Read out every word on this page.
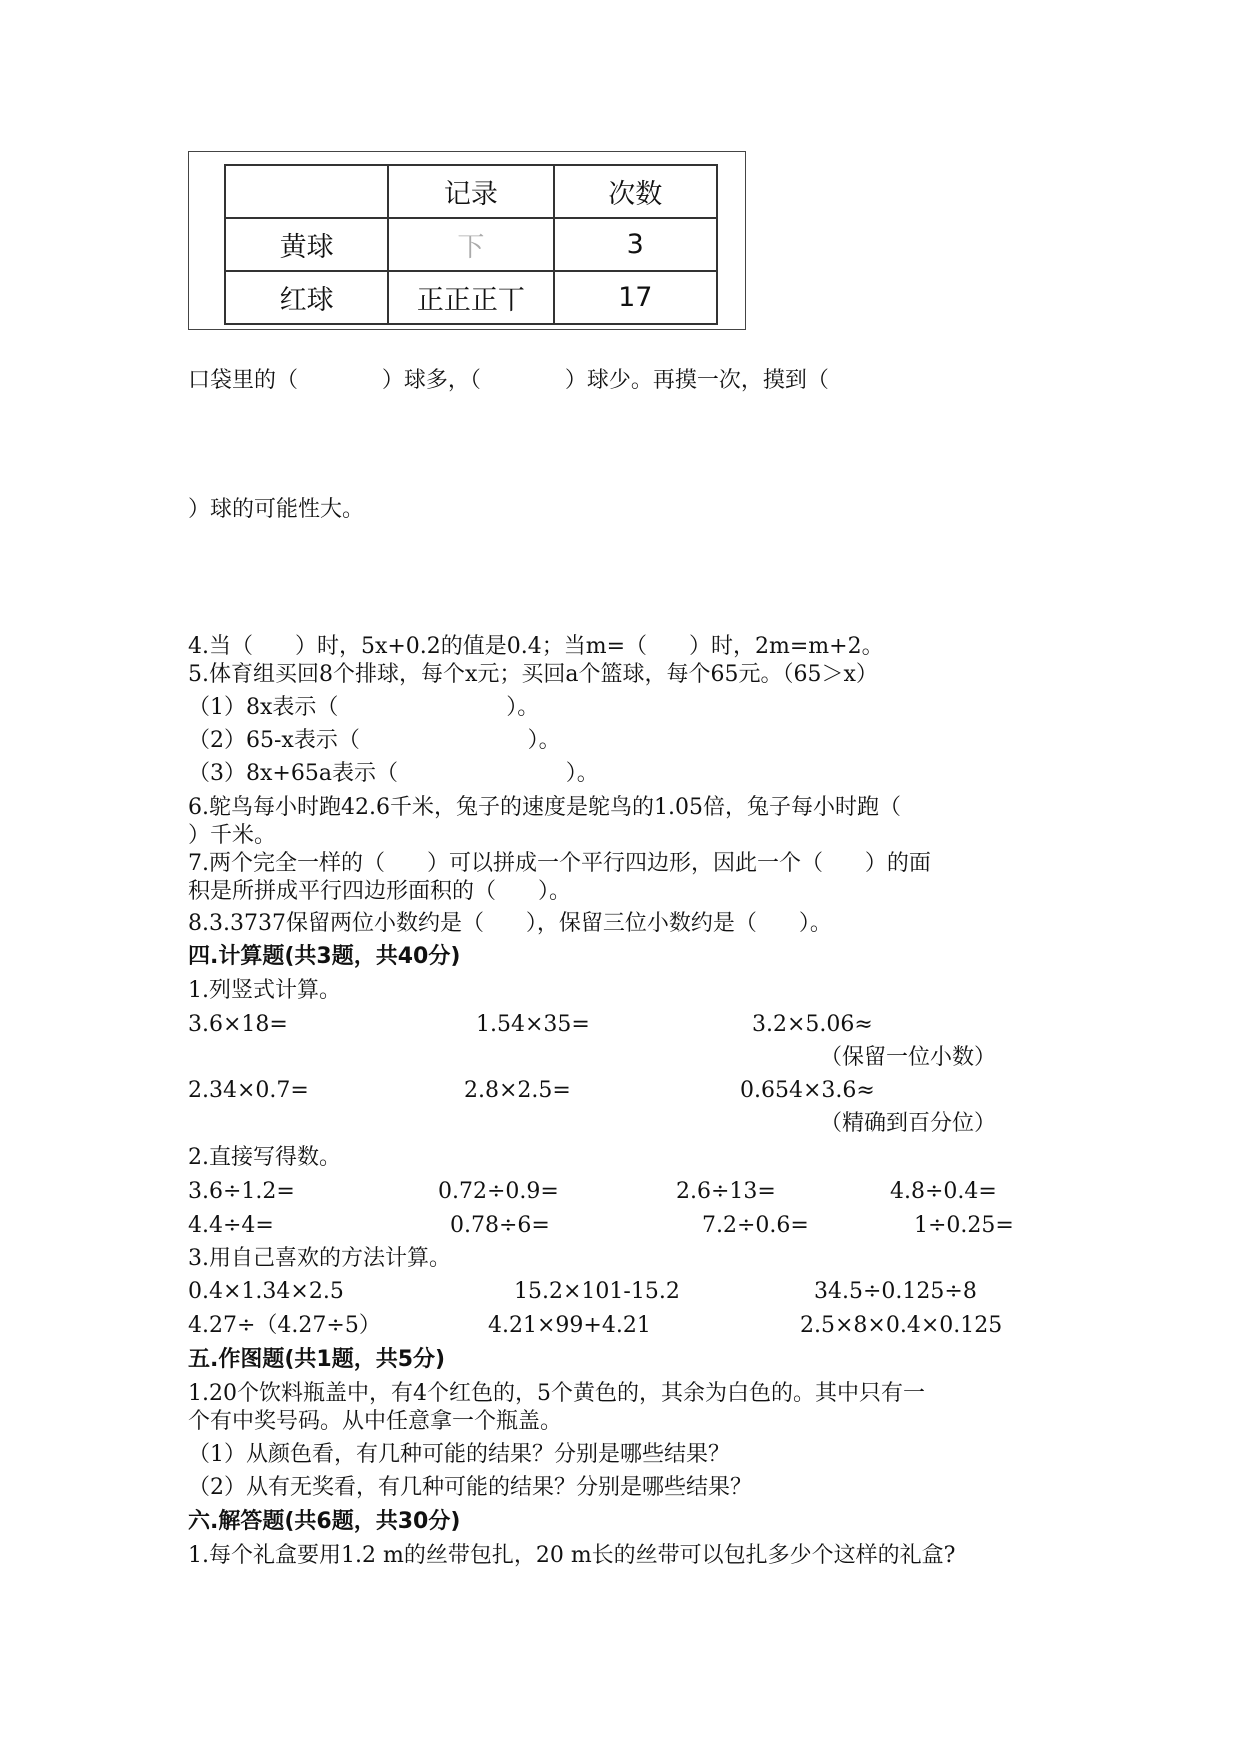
	记录	次数
黄球	下	3
红球	正正正丅	17
口袋里的（            ）球多，（            ）球少。再摸一次，摸到（
）球的可能性大。
4.当（      ）时，5x+0.2的值是0.4；当m=（      ）时，2m=m+2。
5.体育组买回8个排球，每个x元；买回a个篮球，每个65元。（65＞x）
（1）8x表示（                        ）。
（2）65-x表示（                        ）。
（3）8x+65a表示（                        ）。
6.鸵鸟每小时跑42.6千米，兔子的速度是鸵鸟的1.05倍，兔子每小时跑（
）千米。
7.两个完全一样的（      ）可以拼成一个平行四边形，因此一个（      ）的面
积是所拼成平行四边形面积的（      ）。
8.3.3737保留两位小数约是（      ），保留三位小数约是（      ）。
四.计算题(共3题，共40分)
1.列竖式计算。
3.6×18=	1.54×35=	3.2×5.06≈
（保留一位小数）
2.34×0.7=	2.8×2.5=	0.654×3.6≈
（精确到百分位）
2.直接写得数。
3.6÷1.2=	0.72÷0.9=	2.6÷13=	4.8÷0.4=
4.4÷4=	0.78÷6=	7.2÷0.6=	1÷0.25=
3.用自己喜欢的方法计算。
0.4×1.34×2.5	15.2×101-15.2	34.5÷0.125÷8
4.27÷（4.27÷5）	4.21×99+4.21	2.5×8×0.4×0.125
五.作图题(共1题，共5分)
1.20个饮料瓶盖中，有4个红色的，5个黄色的，其余为白色的。其中只有一
个有中奖号码。从中任意拿一个瓶盖。
（1）从颜色看，有几种可能的结果？分别是哪些结果？
（2）从有无奖看，有几种可能的结果？分别是哪些结果？
六.解答题(共6题，共30分)
1.每个礼盒要用1.2 m的丝带包扎，20 m长的丝带可以包扎多少个这样的礼盒?
